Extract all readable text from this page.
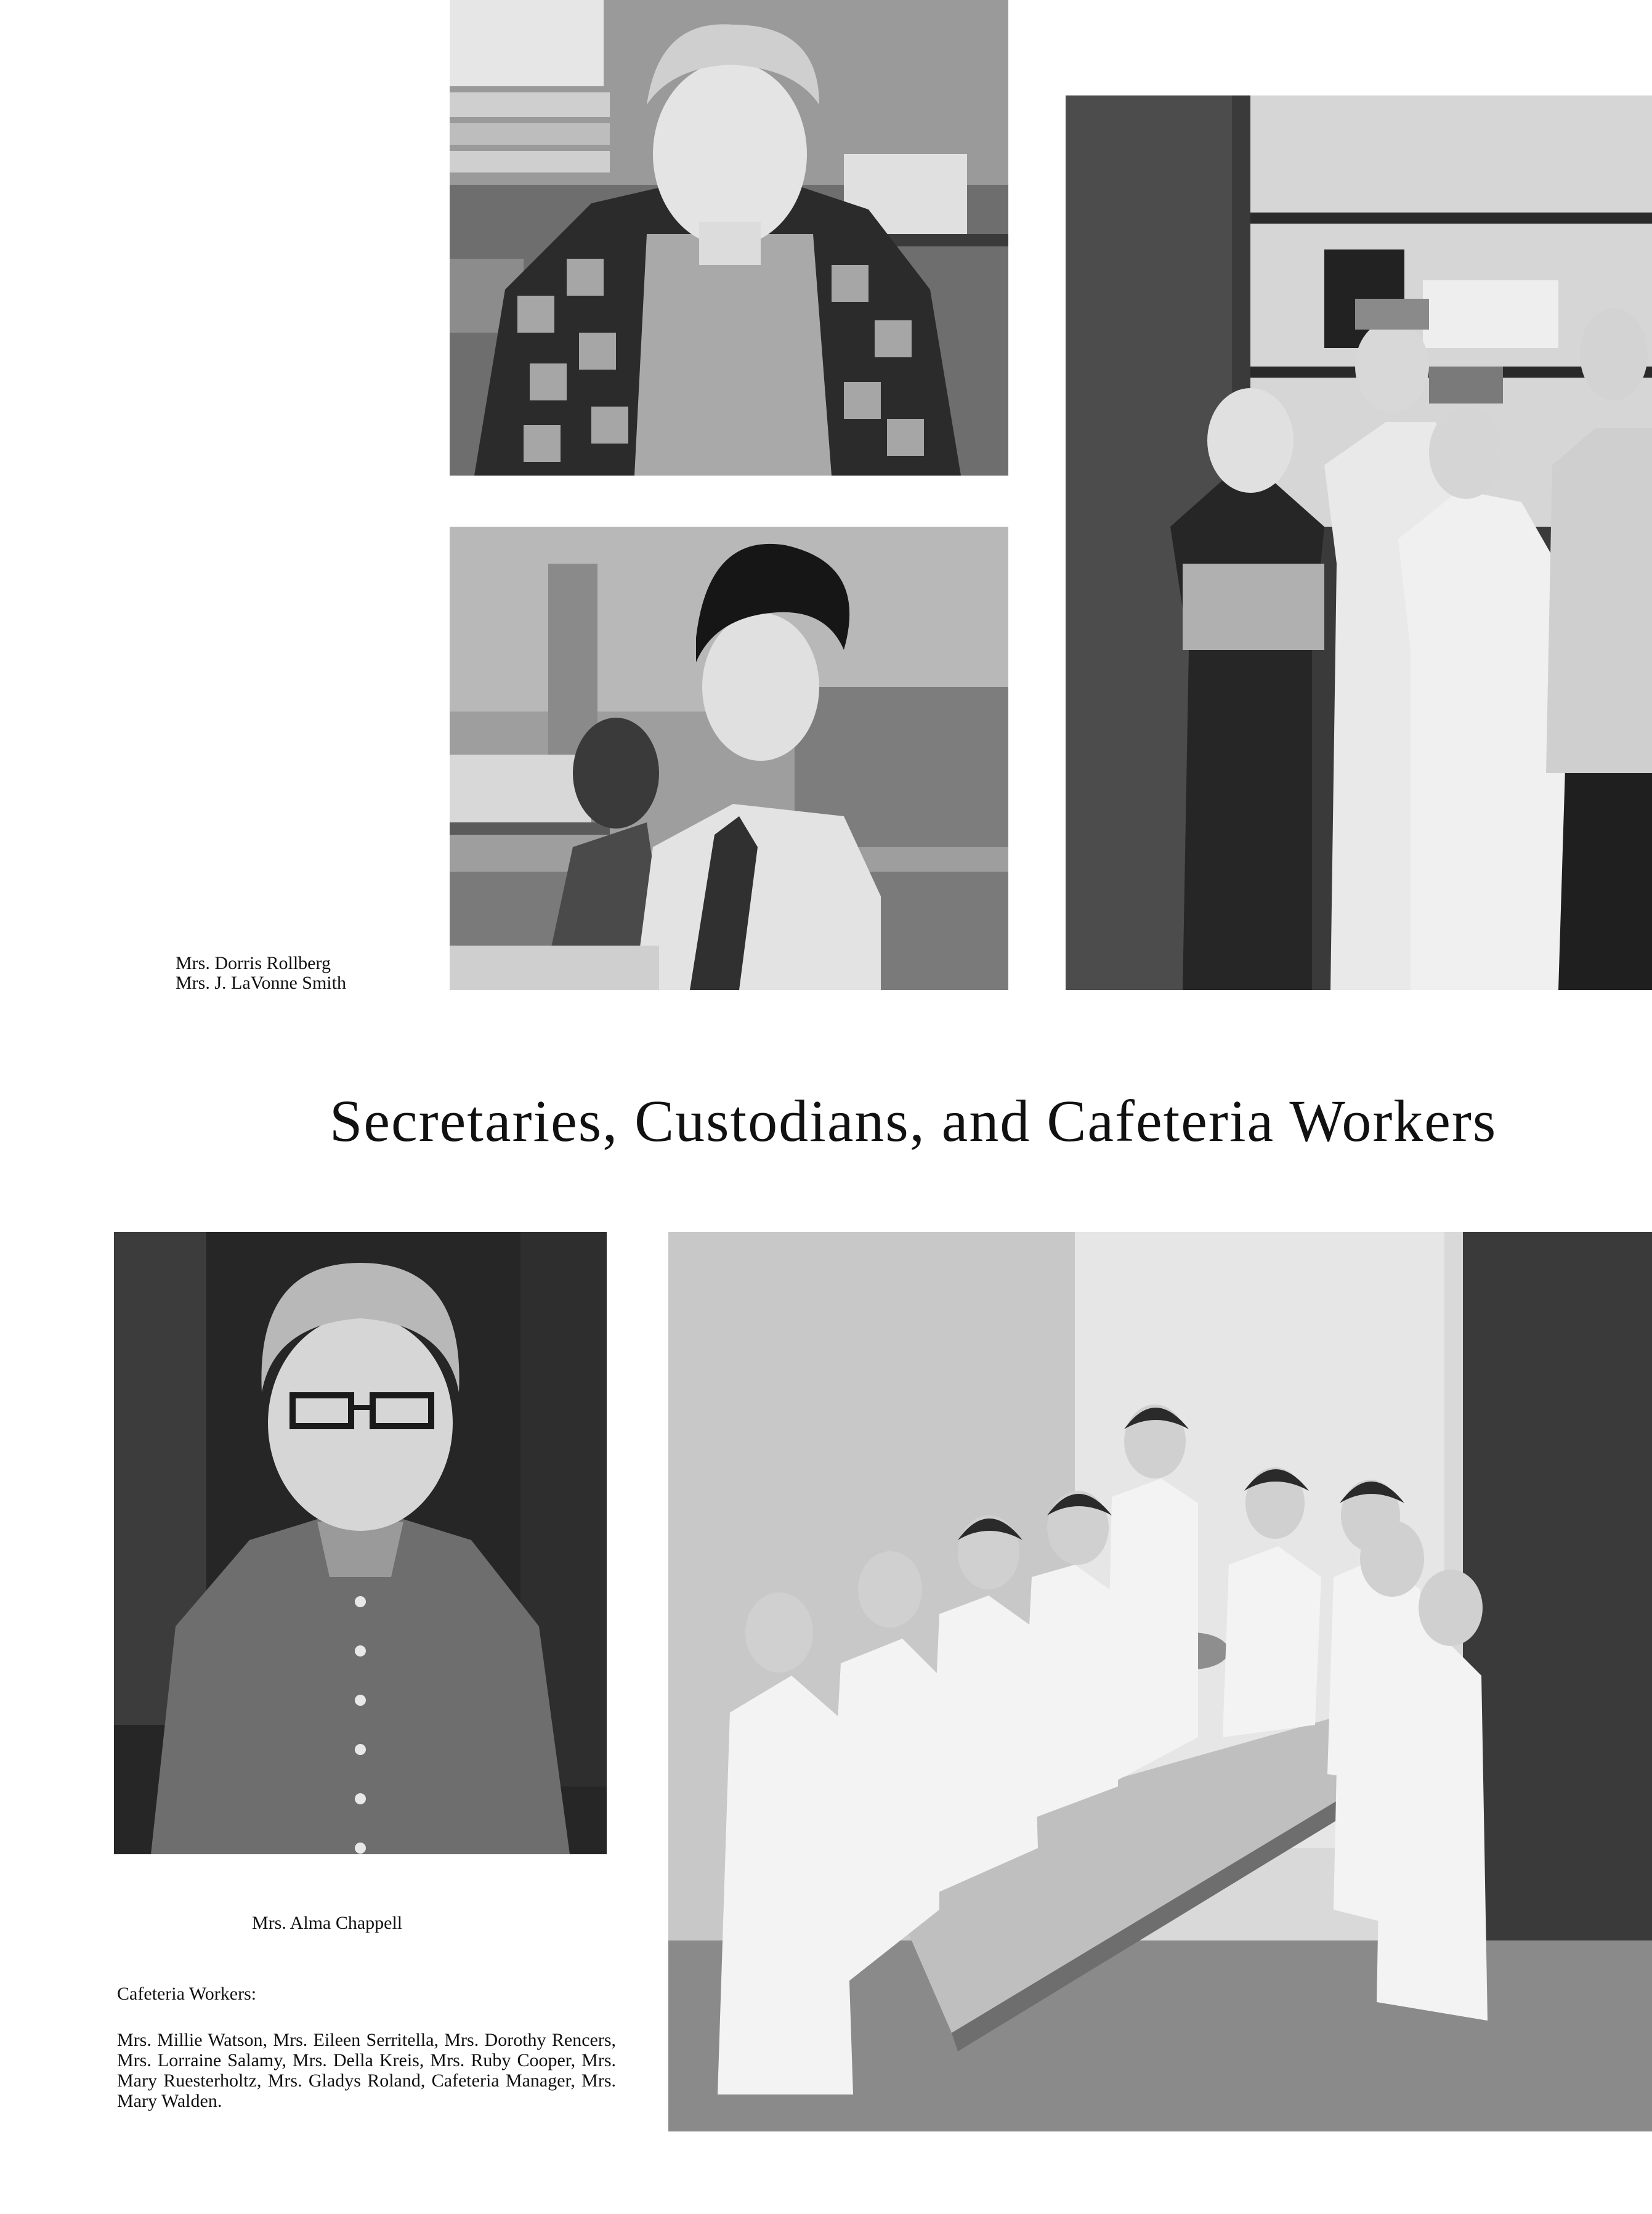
Mrs. Dorris Rollberg
Mrs. J. LaVonne Smith
Secretaries, Custodians, and Cafeteria Workers
Mrs. Alma Chappell
Cafeteria Workers:
Mrs. Millie Watson, Mrs. Eileen Serritella, Mrs. Dorothy Rencers, Mrs. Lorraine Salamy, Mrs. Della Kreis, Mrs. Ruby Cooper, Mrs. Mary Ruesterholtz, Mrs. Gladys Roland, Cafeteria Manager, Mrs. Mary Walden.
